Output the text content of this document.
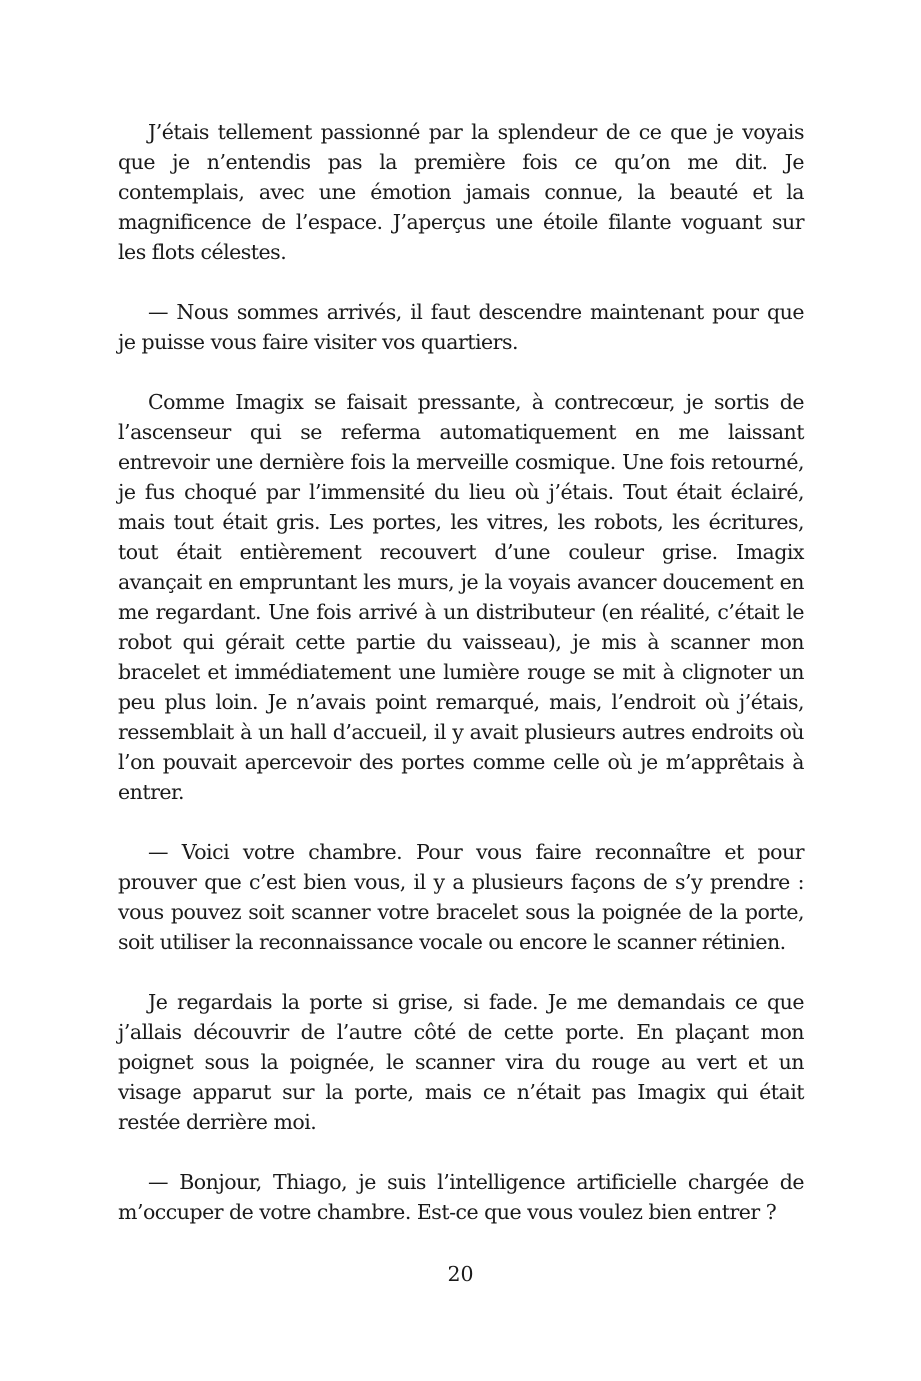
J’étais tellement passionné par la splendeur de ce que je voyais que je n’entendis pas la première fois ce qu’on me dit. Je contemplais, avec une émotion jamais connue, la beauté et la magnificence de l’espace. J’aperçus une étoile filante voguant sur les flots célestes.

— Nous sommes arrivés, il faut descendre maintenant pour que je puisse vous faire visiter vos quartiers.

Comme Imagix se faisait pressante, à contrecœur, je sortis de l’ascenseur qui se referma automatiquement en me laissant entrevoir une dernière fois la merveille cosmique. Une fois retourné, je fus choqué par l’immensité du lieu où j’étais. Tout était éclairé, mais tout était gris. Les portes, les vitres, les robots, les écritures, tout était entièrement recouvert d’une couleur grise. Imagix avançait en empruntant les murs, je la voyais avancer doucement en me regardant. Une fois arrivé à un distributeur (en réalité, c’était le robot qui gérait cette partie du vaisseau), je mis à scanner mon bracelet et immédiatement une lumière rouge se mit à clignoter un peu plus loin. Je n’avais point remarqué, mais, l’endroit où j’étais, ressemblait à un hall d’accueil, il y avait plusieurs autres endroits où l’on pouvait apercevoir des portes comme celle où je m’apprêtais à entrer.

— Voici votre chambre. Pour vous faire reconnaître et pour prouver que c’est bien vous, il y a plusieurs façons de s’y prendre : vous pouvez soit scanner votre bracelet sous la poignée de la porte, soit utiliser la reconnaissance vocale ou encore le scanner rétinien.

Je regardais la porte si grise, si fade. Je me demandais ce que j’allais découvrir de l’autre côté de cette porte. En plaçant mon poignet sous la poignée, le scanner vira du rouge au vert et un visage apparut sur la porte, mais ce n’était pas Imagix qui était restée derrière moi.

— Bonjour, Thiago, je suis l’intelligence artificielle chargée de m’occuper de votre chambre. Est-ce que vous voulez bien entrer ?

20
